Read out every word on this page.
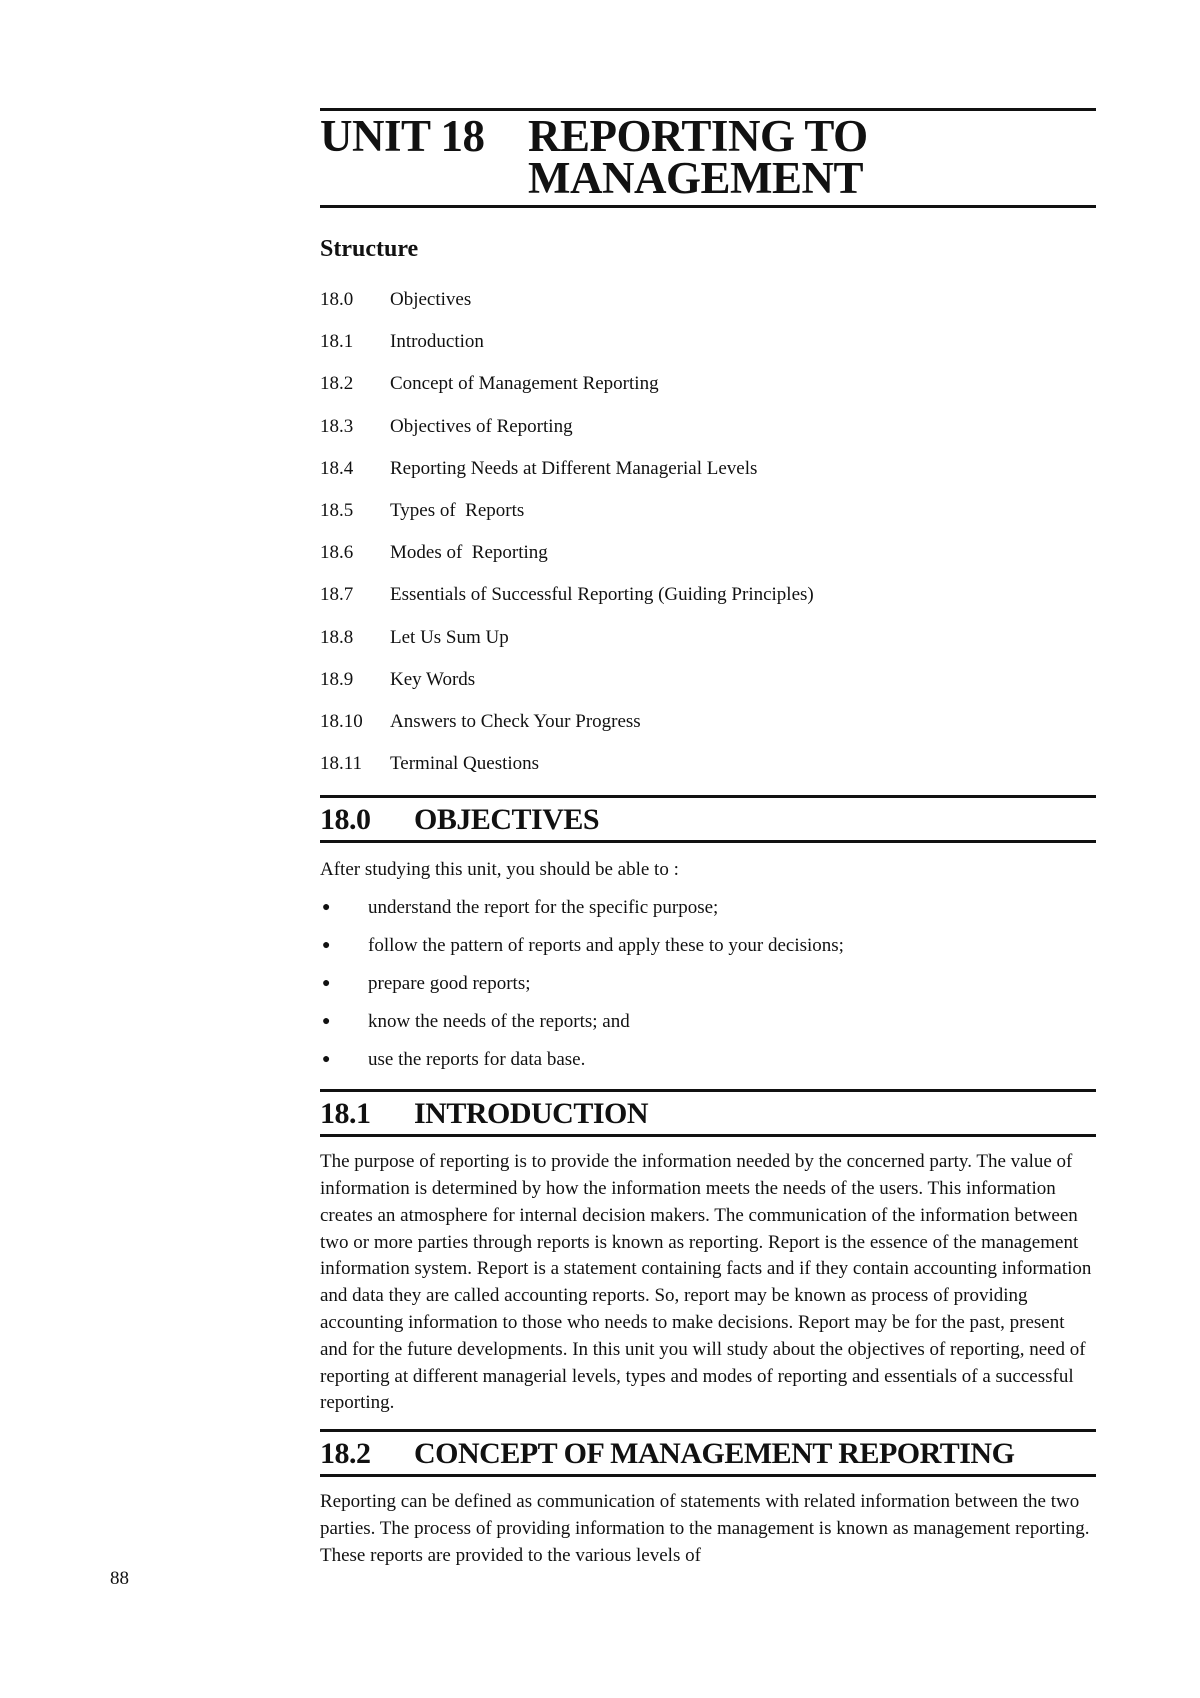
UNIT 18 REPORTING TO
MANAGEMENT
Structure
18.0	Objectives
18.1	Introduction
18.2	Concept of Management Reporting
18.3	Objectives of Reporting
18.4	Reporting Needs at Different Managerial Levels
18.5	Types of  Reports
18.6	Modes of  Reporting
18.7	Essentials of Successful Reporting (Guiding Principles)
18.8	Let Us Sum Up
18.9	Key Words
18.10	Answers to Check Your Progress
18.11	Terminal Questions
18.0	OBJECTIVES
After studying this unit, you should be able to :
●	understand the report for the specific purpose;
●	follow the pattern of reports and apply these to your decisions;
●	prepare good reports;
●	know the needs of the reports; and
●	use the reports for data base.
18.1	INTRODUCTION

The purpose of reporting is to provide the information needed by the concerned party. The value of information is determined by how the information meets the needs of the users. This information creates an atmosphere for internal decision makers. The communication of the information between two or more parties through reports is known as reporting. Report is the essence of the management information system. Report is a statement containing facts and if they contain accounting information and data they are called accounting reports. So, report may be known as process of providing accounting information to those who needs to make decisions. Report may be for the past, present and for the future developments. In this unit you will study about the objectives of reporting, need of reporting at different managerial levels, types and modes of reporting and essentials of a successful reporting.

18.2	CONCEPT OF MANAGEMENT REPORTING

Reporting can be defined as communication of statements with related information between the two parties. The process of providing information to the management is known as management reporting. These reports are provided to the various levels of

88
